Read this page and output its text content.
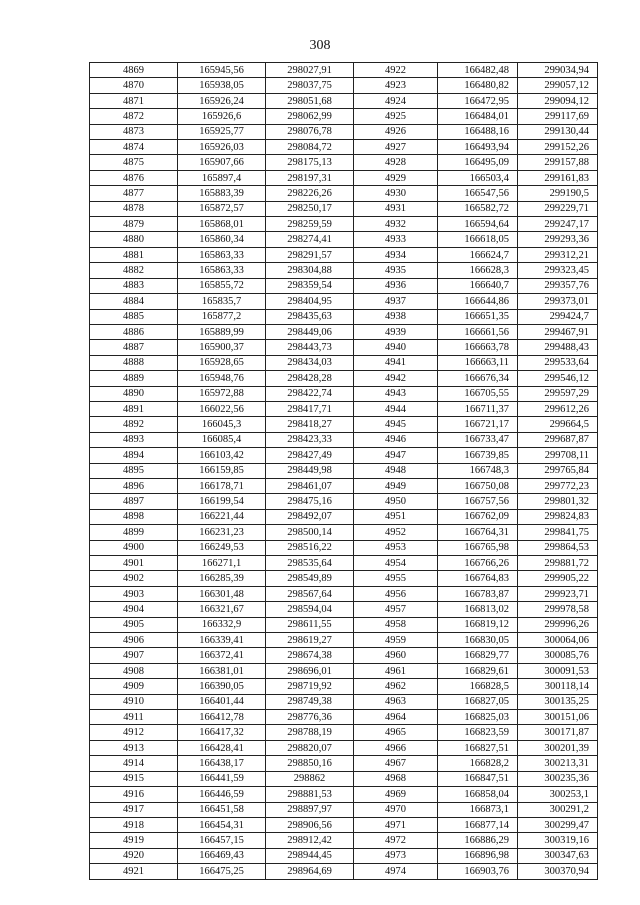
308
4869	165945,56	298027,91	4922	166482,48	299034,94
4870	165938,05	298037,75	4923	166480,82	299057,12
4871	165926,24	298051,68	4924	166472,95	299094,12
4872	165926,6	298062,99	4925	166484,01	299117,69
4873	165925,77	298076,78	4926	166488,16	299130,44
4874	165926,03	298084,72	4927	166493,94	299152,26
4875	165907,66	298175,13	4928	166495,09	299157,88
4876	165897,4	298197,31	4929	166503,4	299161,83
4877	165883,39	298226,26	4930	166547,56	299190,5
4878	165872,57	298250,17	4931	166582,72	299229,71
4879	165868,01	298259,59	4932	166594,64	299247,17
4880	165860,34	298274,41	4933	166618,05	299293,36
4881	165863,33	298291,57	4934	166624,7	299312,21
4882	165863,33	298304,88	4935	166628,3	299323,45
4883	165855,72	298359,54	4936	166640,7	299357,76
4884	165835,7	298404,95	4937	166644,86	299373,01
4885	165877,2	298435,63	4938	166651,35	299424,7
4886	165889,99	298449,06	4939	166661,56	299467,91
4887	165900,37	298443,73	4940	166663,78	299488,43
4888	165928,65	298434,03	4941	166663,11	299533,64
4889	165948,76	298428,28	4942	166676,34	299546,12
4890	165972,88	298422,74	4943	166705,55	299597,29
4891	166022,56	298417,71	4944	166711,37	299612,26
4892	166045,3	298418,27	4945	166721,17	299664,5
4893	166085,4	298423,33	4946	166733,47	299687,87
4894	166103,42	298427,49	4947	166739,85	299708,11
4895	166159,85	298449,98	4948	166748,3	299765,84
4896	166178,71	298461,07	4949	166750,08	299772,23
4897	166199,54	298475,16	4950	166757,56	299801,32
4898	166221,44	298492,07	4951	166762,09	299824,83
4899	166231,23	298500,14	4952	166764,31	299841,75
4900	166249,53	298516,22	4953	166765,98	299864,53
4901	166271,1	298535,64	4954	166766,26	299881,72
4902	166285,39	298549,89	4955	166764,83	299905,22
4903	166301,48	298567,64	4956	166783,87	299923,71
4904	166321,67	298594,04	4957	166813,02	299978,58
4905	166332,9	298611,55	4958	166819,12	299996,26
4906	166339,41	298619,27	4959	166830,05	300064,06
4907	166372,41	298674,38	4960	166829,77	300085,76
4908	166381,01	298696,01	4961	166829,61	300091,53
4909	166390,05	298719,92	4962	166828,5	300118,14
4910	166401,44	298749,38	4963	166827,05	300135,25
4911	166412,78	298776,36	4964	166825,03	300151,06
4912	166417,32	298788,19	4965	166823,59	300171,87
4913	166428,41	298820,07	4966	166827,51	300201,39
4914	166438,17	298850,16	4967	166828,2	300213,31
4915	166441,59	298862	4968	166847,51	300235,36
4916	166446,59	298881,53	4969	166858,04	300253,1
4917	166451,58	298897,97	4970	166873,1	300291,2
4918	166454,31	298906,56	4971	166877,14	300299,47
4919	166457,15	298912,42	4972	166886,29	300319,16
4920	166469,43	298944,45	4973	166896,98	300347,63
4921	166475,25	298964,69	4974	166903,76	300370,94
